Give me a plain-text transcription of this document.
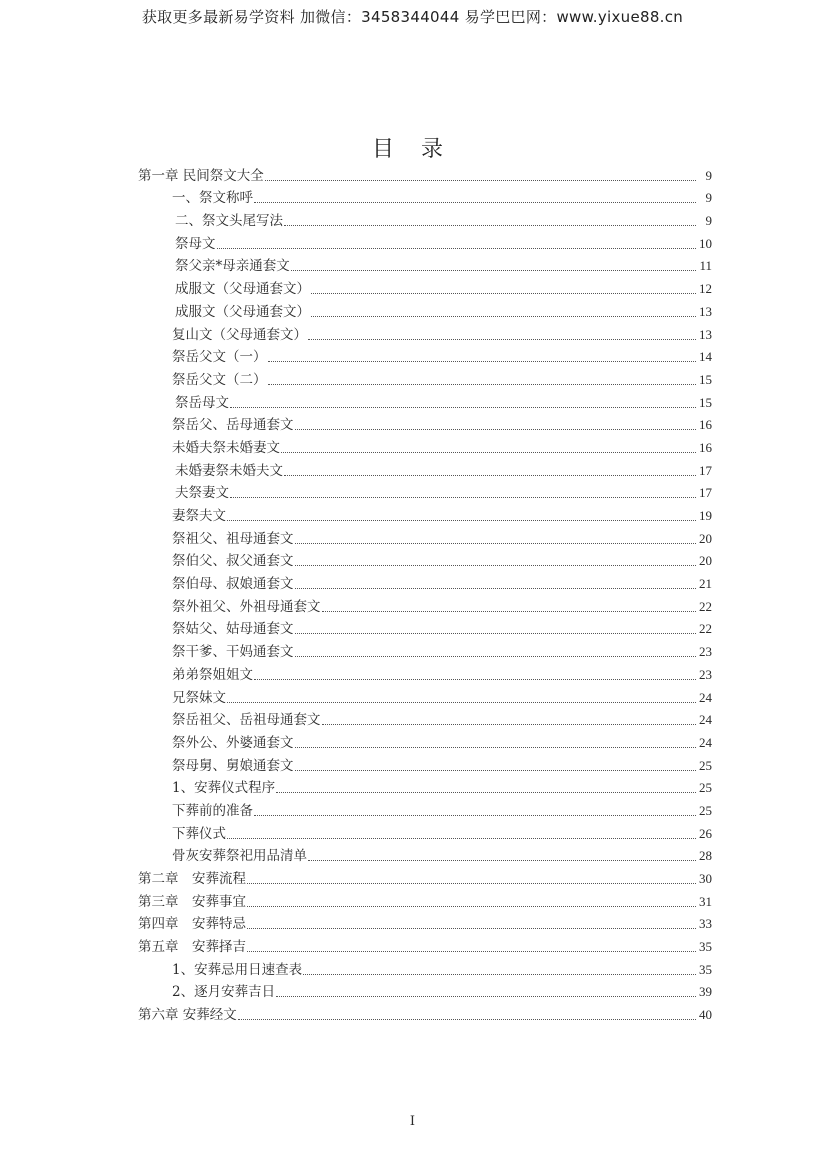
获取更多最新易学资料 加微信：3458344044 易学巴巴网：www.yixue88.cn
目 录
第一章 民间祭文大全	9
一、祭文称呼	9
二、祭文头尾写法	9
祭母文	10
祭父亲*母亲通套文	11
成服文（父母通套文）	12
成服文（父母通套文）	13
复山文（父母通套文）	13
祭岳父文（一）	14
祭岳父文（二）	15
祭岳母文	15
祭岳父、岳母通套文	16
未婚夫祭未婚妻文	16
未婚妻祭未婚夫文	17
夫祭妻文	17
妻祭夫文	19
祭祖父、祖母通套文	20
祭伯父、叔父通套文	20
祭伯母、叔娘通套文	21
祭外祖父、外祖母通套文	22
祭姑父、姑母通套文	22
祭干爹、干妈通套文	23
弟弟祭姐姐文	23
兄祭妹文	24
祭岳祖父、岳祖母通套文	24
祭外公、外婆通套文	24
祭母舅、舅娘通套文	25
1、安葬仪式程序	25
下葬前的准备	25
下葬仪式	26
骨灰安葬祭祀用品清单	28
第二章　安葬流程	30
第三章　安葬事宜	31
第四章　安葬特忌	33
第五章　安葬择吉	35
1、安葬忌用日速查表	35
2、逐月安葬吉日	39
第六章 安葬经文	40
I
